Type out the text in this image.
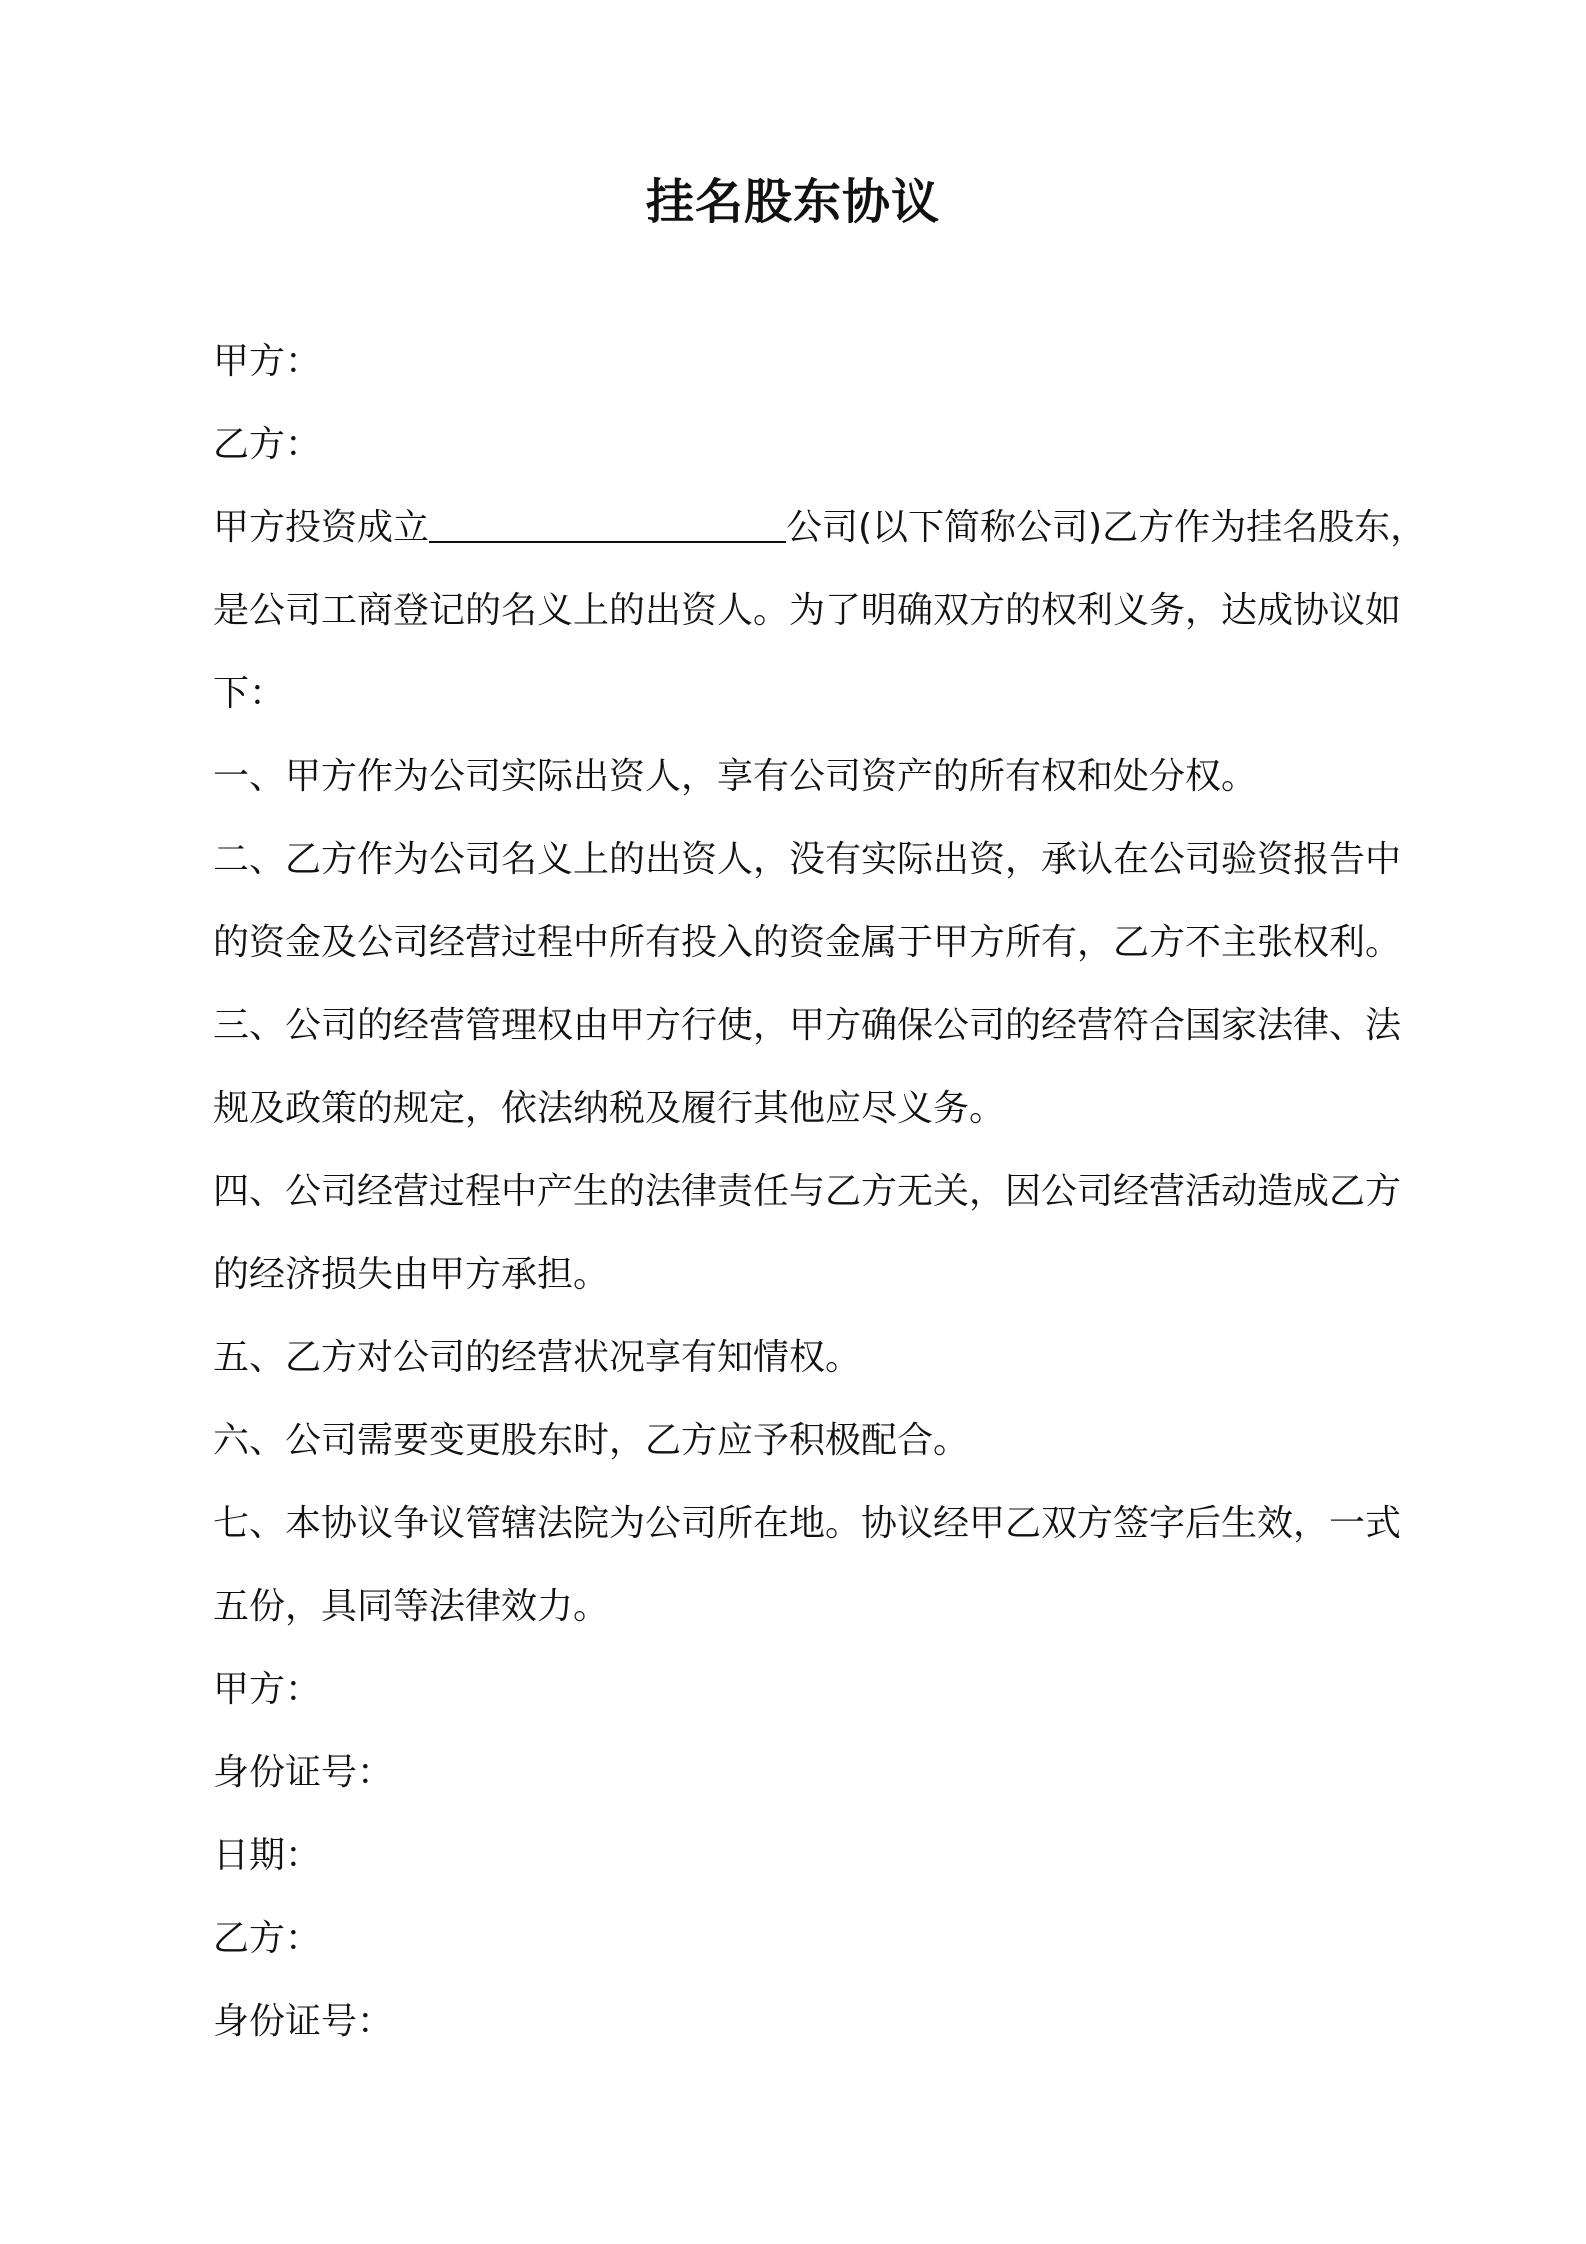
挂名股东协议
甲方：
乙方：
甲方投资成立	公司(以下简称公司)乙方作为挂名股东，
是公司工商登记的名义上的出资人。为了明确双方的权利义务，达成协议如
下：
一、甲方作为公司实际出资人，享有公司资产的所有权和处分权。
二、乙方作为公司名义上的出资人，没有实际出资，承认在公司验资报告中
的资金及公司经营过程中所有投入的资金属于甲方所有，乙方不主张权利。
三、公司的经营管理权由甲方行使，甲方确保公司的经营符合国家法律、法
规及政策的规定，依法纳税及履行其他应尽义务。
四、公司经营过程中产生的法律责任与乙方无关，因公司经营活动造成乙方
的经济损失由甲方承担。
五、乙方对公司的经营状况享有知情权。
六、公司需要变更股东时，乙方应予积极配合。
七、本协议争议管辖法院为公司所在地。协议经甲乙双方签字后生效，一式
五份，具同等法律效力。
甲方：
身份证号：
日期：
乙方：
身份证号：
